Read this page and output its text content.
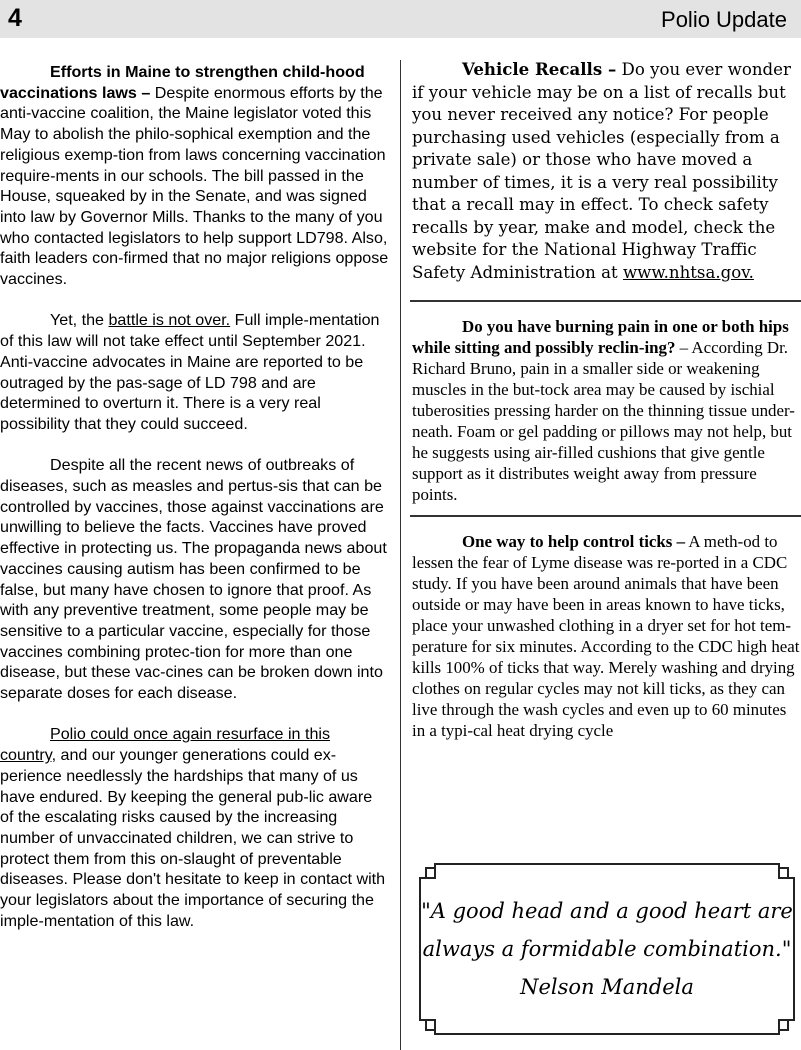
4	Polio Update

Efforts in Maine to strengthen child-hood vaccinations laws – Despite enormous efforts by the anti-vaccine coalition, the Maine legislator voted this May to abolish the philo-sophical exemption and the religious exemp-tion from laws concerning vaccination require-ments in our schools. The bill passed in the House, squeaked by in the Senate, and was signed into law by Governor Mills. Thanks to the many of you who contacted legislators to help support LD798. Also, faith leaders con-firmed that no major religions oppose vaccines.

Yet, the battle is not over. Full imple-mentation of this law will not take effect until September 2021. Anti-vaccine advocates in Maine are reported to be outraged by the pas-sage of LD 798 and are determined to overturn it. There is a very real possibility that they could succeed.

Despite all the recent news of outbreaks of diseases, such as measles and pertus-sis that can be controlled by vaccines, those against vaccinations are unwilling to believe the facts. Vaccines have proved effective in protecting us. The propaganda news about vaccines causing autism has been confirmed to be false, but many have chosen to ignore that proof. As with any preventive treatment, some people may be sensitive to a particular vaccine, especially for those vaccines combining protec-tion for more than one disease, but these vac-cines can be broken down into separate doses for each disease.

Polio could once again resurface in this country, and our younger generations could ex-perience needlessly the hardships that many of us have endured. By keeping the general pub-lic aware of the escalating risks caused by the increasing number of unvaccinated children, we can strive to protect them from this on-slaught of preventable diseases. Please don't hesitate to keep in contact with your legislators about the importance of securing the imple-mentation of this law.

Vehicle Recalls – Do you ever wonder if your vehicle may be on a list of recalls but you never received any notice? For people purchasing used vehicles (especially from a private sale) or those who have moved a number of times, it is a very real possibility that a recall may in effect. To check safety recalls by year, make and model, check the website for the National Highway Traffic Safety Administration at www.nhtsa.gov.

Do you have burning pain in one or both hips while sitting and possibly reclin-ing? – According Dr. Richard Bruno, pain in a smaller side or weakening muscles in the but-tock area may be caused by ischial tuberosities pressing harder on the thinning tissue under-neath. Foam or gel padding or pillows may not help, but he suggests using air-filled cushions that give gentle support as it distributes weight away from pressure points.

One way to help control ticks – A meth-od to lessen the fear of Lyme disease was re-ported in a CDC study. If you have been around animals that have been outside or may have been in areas known to have ticks, place your unwashed clothing in a dryer set for hot tem-perature for six minutes. According to the CDC high heat kills 100% of ticks that way. Merely washing and drying clothes on regular cycles may not kill ticks, as they can live through the wash cycles and even up to 60 minutes in a typi-cal heat drying cycle

"A good head and a good heart are
always a formidable combination."
Nelson Mandela
